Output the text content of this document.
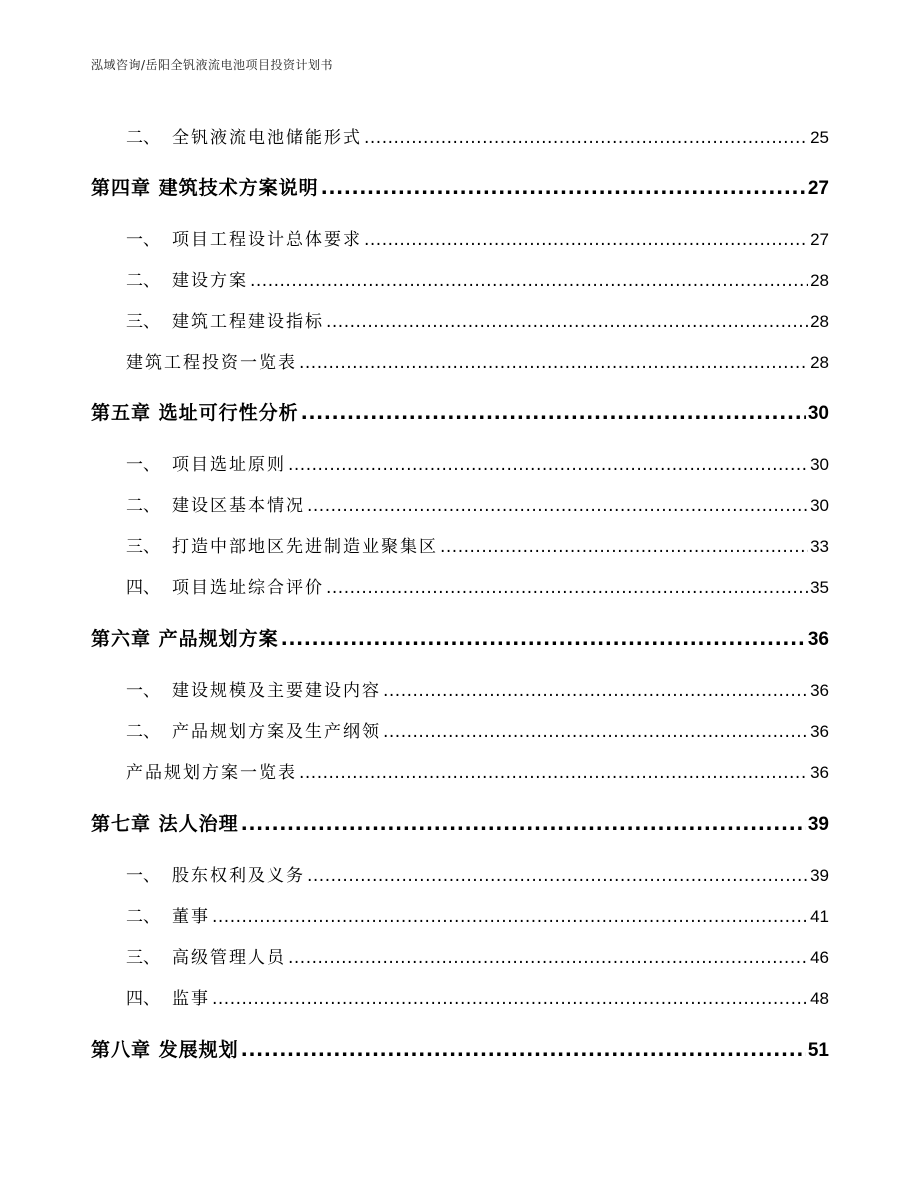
泓域咨询/岳阳全钒液流电池项目投资计划书
二、 全钒液流电池储能形式 .....	25
第四章 建筑技术方案说明 .....	27
一、 项目工程设计总体要求 .....	27
二、 建设方案 .....	28
三、 建筑工程建设指标 .....	28
建筑工程投资一览表 .....	28
第五章 选址可行性分析 .....	30
一、 项目选址原则 .....	30
二、 建设区基本情况 .....	30
三、 打造中部地区先进制造业聚集区 .....	33
四、 项目选址综合评价 .....	35
第六章 产品规划方案 .....	36
一、 建设规模及主要建设内容 .....	36
二、 产品规划方案及生产纲领 .....	36
产品规划方案一览表 .....	36
第七章 法人治理 .....	39
一、 股东权利及义务 .....	39
二、 董事 .....	41
三、 高级管理人员 .....	46
四、 监事 .....	48
第八章 发展规划 .....	51
